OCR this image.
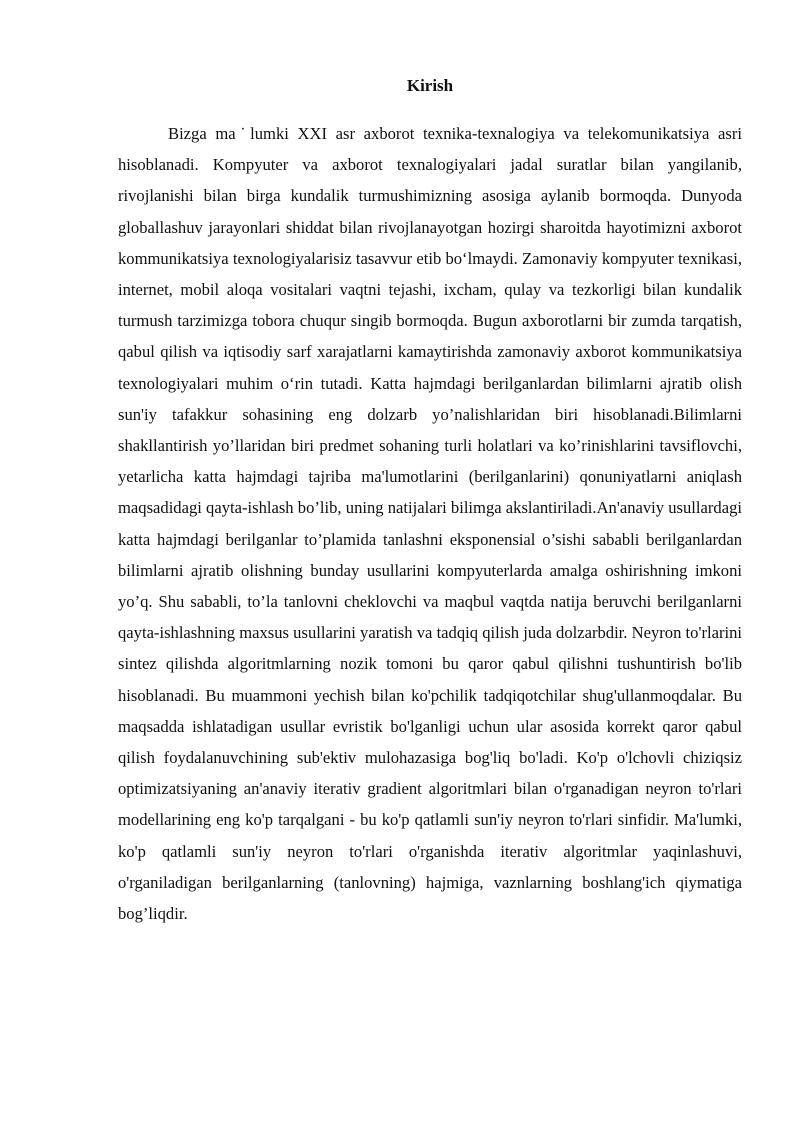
Kirish

Bizga ma˙lumki XXI asr axborot texnika-texnalogiya va telekomunikatsiya asri hisoblanadi. Kompyuter va axborot texnalogiyalari jadal suratlar bilan yangilanib, rivojlanishi bilan birga kundalik turmushimizning asosiga aylanib bormoqda. Dunyoda globallashuv jarayonlari shiddat bilan rivojlanayotgan hozirgi sharoitda hayotimizni axborot kommunikatsiya texnologiyalarisiz tasavvur etib bo‘lmaydi. Zamonaviy kompyuter texnikasi, internet, mobil aloqa vositalari vaqtni tejashi, ixcham, qulay va tezkorligi bilan kundalik turmush tarzimizga tobora chuqur singib bormoqda. Bugun axborotlarni bir zumda tarqatish, qabul qilish va iqtisodiy sarf xarajatlarni kamaytirishda zamonaviy axborot kommunikatsiya texnologiyalari muhim o‘rin tutadi. Katta hajmdagi berilganlardan bilimlarni ajratib olish sun'iy tafakkur sohasining eng dolzarb yo’nalishlaridan biri hisoblanadi.Bilimlarni shakllantirish yo’llaridan biri predmet sohaning turli holatlari va ko’rinishlarini tavsiflovchi, yetarlicha katta hajmdagi tajriba ma'lumotlarini (berilganlarini) qonuniyatlarni aniqlash maqsadidagi qayta-ishlash bo’lib, uning natijalari bilimga akslantiriladi.An'anaviy usullardagi katta hajmdagi berilganlar to’plamida tanlashni eksponensial o’sishi sababli berilganlardan bilimlarni ajratib olishning bunday usullarini kompyuterlarda amalga oshirishning imkoni yo’q. Shu sababli, to’la tanlovni cheklovchi va maqbul vaqtda natija beruvchi berilganlarni qayta-ishlashning maxsus usullarini yaratish va tadqiq qilish juda dolzarbdir. Neyron to'rlarini sintez qilishda algoritmlarning nozik tomoni bu qaror qabul qilishni tushuntirish bo'lib hisoblanadi. Bu muammoni yechish bilan ko'pchilik tadqiqotchilar shug'ullanmoqdalar. Bu maqsadda ishlatadigan usullar evristik bo'lganligi uchun ular asosida korrekt qaror qabul qilish foydalanuvchining sub'ektiv mulohazasiga bog'liq bo'ladi. Ko'p o'lchovli chiziqsiz optimizatsiyaning an'anaviy iterativ gradient algoritmlari bilan o'rganadigan neyron to'rlari modellarining eng ko'p tarqalgani - bu ko'p qatlamli sun'iy neyron to'rlari sinfidir. Ma'lumki, ko'p qatlamli sun'iy neyron to'rlari o'rganishda iterativ algoritmlar yaqinlashuvi, o'rganiladigan berilganlarning (tanlovning) hajmiga, vaznlarning boshlang'ich qiymatiga bog’liqdir.
